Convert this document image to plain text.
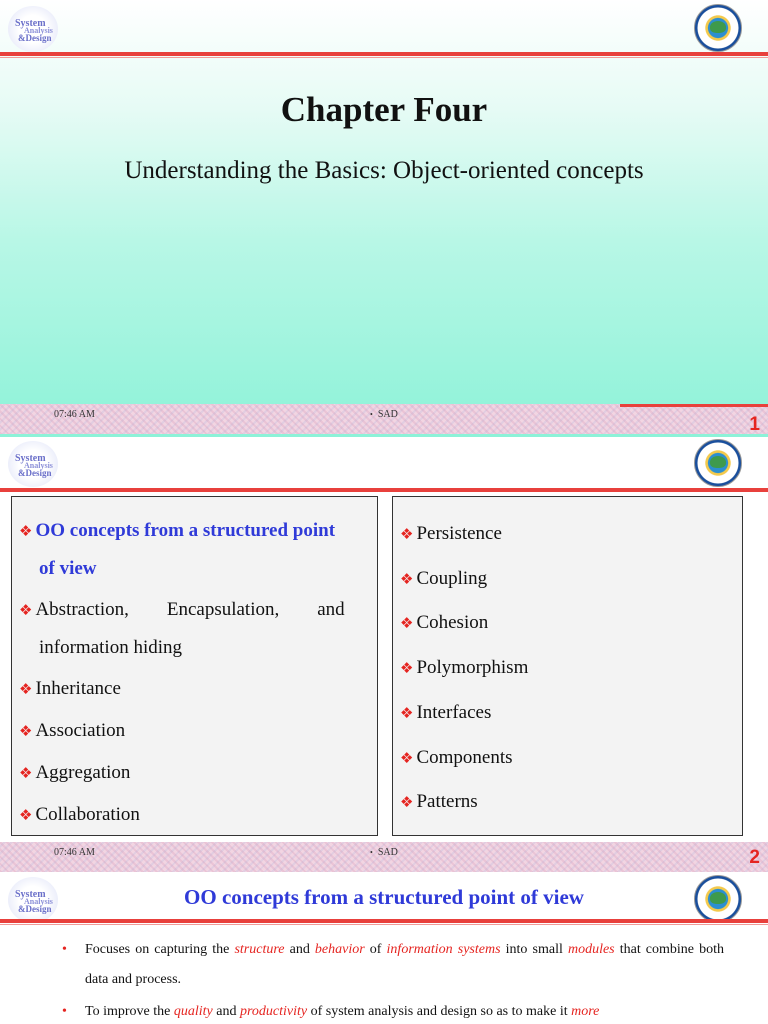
System
Analysis
&Design
Chapter Four
Understanding the Basics: Object-oriented concepts
07:46 AM	• SAD	1
System
Analysis
&Design
❖ OO concepts from a structured point
of view
❖ Abstraction,        Encapsulation,        and
information hiding
❖ Inheritance
❖ Association
❖ Aggregation
❖ Collaboration
❖ Persistence
❖ Coupling
❖ Cohesion
❖ Polymorphism
❖ Interfaces
❖ Components
❖ Patterns
07:46 AM	• SAD	2
System
Analysis
&Design	OO concepts from a structured point of view
• Focuses on capturing the structure and behavior of information systems into small modules that combine both data and process.
• To improve the quality and productivity of system analysis and design so as to make it more
